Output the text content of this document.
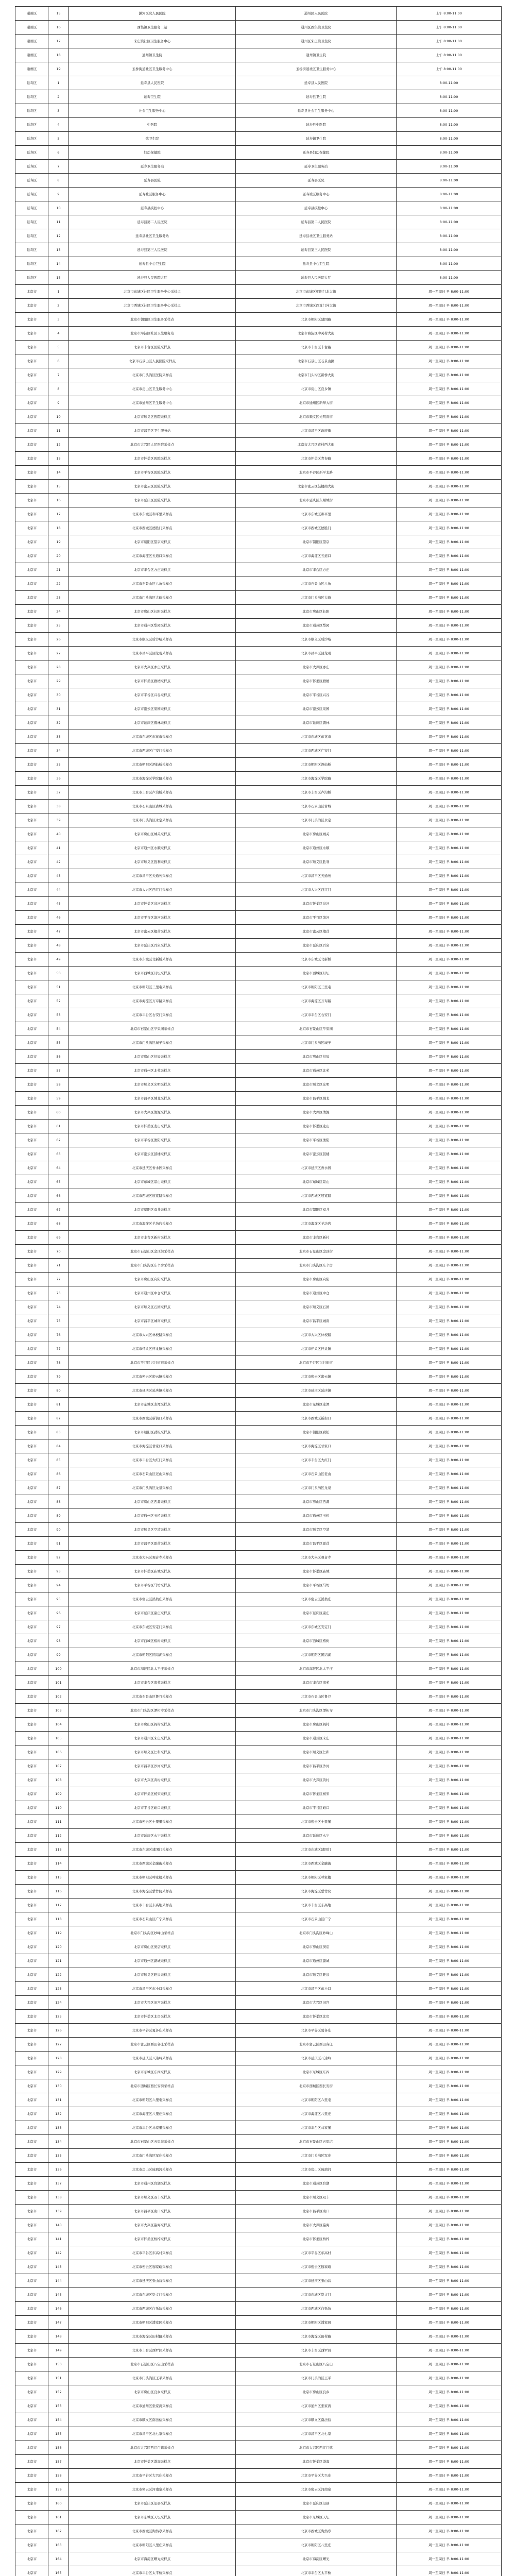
通州区	15	潞河医院人民医院	通州区人民医院	上午 8:00-11:00
通州区	16	西集镇卫生服务二站	通州区西集镇卫生院	上午 8:00-11:00
通州区	17	宋庄镇社区卫生服务中心	通州区宋庄镇卫生院	上午 8:00-11:00
通州区	18	通州镇卫生院	通州镇卫生院	上午 8:00-11:00
通州区	19	玉桥街道社区卫生服务中心	玉桥街道社区卫生服务中心	上午 8:00-11:00
延寿区	1	延寿县人民医院	延寿县人民医院	8:00-11:00
延寿区	2	延寿卫生院	延寿县卫生院	8:00-11:00
延寿区	3	社会卫生服务中心	延寿县社会卫生服务中心	8:00-11:00
延寿区	4	中医院	延寿县中医院	8:00-11:00
延寿区	5	镇卫生院	延寿镇卫生院	8:00-11:00
延寿区	6	妇幼保健院	延寿县妇幼保健院	8:00-11:00
延寿区	7	延寿卫生服务站	延寿卫生服务站	8:00-11:00
延寿区	8	延寿县医院	延寿县医院	8:00-11:00
延寿区	9	延寿社区服务中心	延寿社区服务中心	8:00-11:00
延寿区	10	延寿县疾控中心	延寿县疾控中心	8:00-11:00
延寿区	11	延寿县第二人民医院	延寿县第二人民医院	8:00-11:00
延寿区	12	延寿县社区卫生服务站	延寿县社区卫生服务站	8:00-11:00
延寿区	13	延寿县第三人民医院	延寿县第三人民医院	8:00-11:00
延寿区	14	延寿县中心卫生院	延寿县中心卫生院	8:00-11:00
延寿区	15	延寿县人民医院大厅	延寿县人民医院大厅	8:00-11:00
北京市	1	北京市东城区社区卫生服务中心采样点	北京市东城区朝阳门北大街	周一至周日 早 8:00-11:00
北京市	2	北京市西城区社区卫生服务中心采样点	北京市西城区西直门外大街	周一至周日 早 8:00-11:00
北京市	3	北京市朝阳区卫生服务采样点	北京市朝阳区建国路	周一至周日 早 8:00-11:00
北京市	4	北京市海淀区社区卫生服务站	北京市海淀区中关村大街	周一至周日 早 8:00-11:00
北京市	5	北京市丰台区医院采样点	北京市丰台区丰台路	周一至周日 早 8:00-11:00
北京市	6	北京市石景山区人民医院采样点	北京市石景山区石景山路	周一至周日 早 8:00-11:00
北京市	7	北京市门头沟区医院采样点	北京市门头沟区新桥大街	周一至周日 早 8:00-11:00
北京市	8	北京市房山区卫生服务中心	北京市房山区良乡镇	周一至周日 早 8:00-11:00
北京市	9	北京市通州区卫生服务中心	北京市通州区新华大街	周一至周日 早 8:00-11:00
北京市	10	北京市顺义区医院采样点	北京市顺义区光明南街	周一至周日 早 8:00-11:00
北京市	11	北京市昌平区卫生服务站	北京市昌平区政府街	周一至周日 早 8:00-11:00
北京市	12	北京市大兴区人民医院采样点	北京市大兴区黄村西大街	周一至周日 早 8:00-11:00
北京市	13	北京市怀柔区医院采样点	北京市怀柔区青春路	周一至周日 早 8:00-11:00
北京市	14	北京市平谷区医院采样点	北京市平谷区新平北路	周一至周日 早 8:00-11:00
北京市	15	北京市密云区医院采样点	北京市密云区鼓楼南大街	周一至周日 早 8:00-11:00
北京市	16	北京市延庆区医院采样点	北京市延庆区东顺城街	周一至周日 早 8:00-11:00
北京市	17	北京市东城区和平里采样点	北京市东城区和平里	周一至周日 早 8:00-11:00
北京市	18	北京市西城区德胜门采样点	北京市西城区德胜门	周一至周日 早 8:00-11:00
北京市	19	北京市朝阳区望京采样点	北京市朝阳区望京	周一至周日 早 8:00-11:00
北京市	20	北京市海淀区五道口采样点	北京市海淀区五道口	周一至周日 早 8:00-11:00
北京市	21	北京市丰台区方庄采样点	北京市丰台区方庄	周一至周日 早 8:00-11:00
北京市	22	北京市石景山区八角采样点	北京市石景山区八角	周一至周日 早 8:00-11:00
北京市	23	北京市门头沟区大峪采样点	北京市门头沟区大峪	周一至周日 早 8:00-11:00
北京市	24	北京市房山区长阳采样点	北京市房山区长阳	周一至周日 早 8:00-11:00
北京市	25	北京市通州区梨园采样点	北京市通州区梨园	周一至周日 早 8:00-11:00
北京市	26	北京市顺义区后沙峪采样点	北京市顺义区后沙峪	周一至周日 早 8:00-11:00
北京市	27	北京市昌平区回龙观采样点	北京市昌平区回龙观	周一至周日 早 8:00-11:00
北京市	28	北京市大兴区亦庄采样点	北京市大兴区亦庄	周一至周日 早 8:00-11:00
北京市	29	北京市怀柔区雁栖采样点	北京市怀柔区雁栖	周一至周日 早 8:00-11:00
北京市	30	北京市平谷区兴谷采样点	北京市平谷区兴谷	周一至周日 早 8:00-11:00
北京市	31	北京市密云区果园采样点	北京市密云区果园	周一至周日 早 8:00-11:00
北京市	32	北京市延庆区儒林采样点	北京市延庆区儒林	周一至周日 早 8:00-11:00
北京市	33	北京市东城区东花市采样点	北京市东城区东花市	周一至周日 早 8:00-11:00
北京市	34	北京市西城区广安门采样点	北京市西城区广安门	周一至周日 早 8:00-11:00
北京市	35	北京市朝阳区酒仙桥采样点	北京市朝阳区酒仙桥	周一至周日 早 8:00-11:00
北京市	36	北京市海淀区学院路采样点	北京市海淀区学院路	周一至周日 早 8:00-11:00
北京市	37	北京市丰台区卢沟桥采样点	北京市丰台区卢沟桥	周一至周日 早 8:00-11:00
北京市	38	北京市石景山区古城采样点	北京市石景山区古城	周一至周日 早 8:00-11:00
北京市	39	北京市门头沟区永定采样点	北京市门头沟区永定	周一至周日 早 8:00-11:00
北京市	40	北京市房山区城关采样点	北京市房山区城关	周一至周日 早 8:00-11:00
北京市	41	北京市通州区永顺采样点	北京市通州区永顺	周一至周日 早 8:00-11:00
北京市	42	北京市顺义区胜利采样点	北京市顺义区胜利	周一至周日 早 8:00-11:00
北京市	43	北京市昌平区天通苑采样点	北京市昌平区天通苑	周一至周日 早 8:00-11:00
北京市	44	北京市大兴区西红门采样点	北京市大兴区西红门	周一至周日 早 8:00-11:00
北京市	45	北京市怀柔区泉河采样点	北京市怀柔区泉河	周一至周日 早 8:00-11:00
北京市	46	北京市平谷区滨河采样点	北京市平谷区滨河	周一至周日 早 8:00-11:00
北京市	47	北京市密云区檀营采样点	北京市密云区檀营	周一至周日 早 8:00-11:00
北京市	48	北京市延庆区百泉采样点	北京市延庆区百泉	周一至周日 早 8:00-11:00
北京市	49	北京市东城区北新桥采样点	北京市东城区北新桥	周一至周日 早 8:00-11:00
北京市	50	北京市西城区月坛采样点	北京市西城区月坛	周一至周日 早 8:00-11:00
北京市	51	北京市朝阳区三里屯采样点	北京市朝阳区三里屯	周一至周日 早 8:00-11:00
北京市	52	北京市海淀区万寿路采样点	北京市海淀区万寿路	周一至周日 早 8:00-11:00
北京市	53	北京市丰台区右安门采样点	北京市丰台区右安门	周一至周日 早 8:00-11:00
北京市	54	北京市石景山区苹果园采样点	北京市石景山区苹果园	周一至周日 早 8:00-11:00
北京市	55	北京市门头沟区城子采样点	北京市门头沟区城子	周一至周日 早 8:00-11:00
北京市	56	北京市房山区拱辰采样点	北京市房山区拱辰	周一至周日 早 8:00-11:00
北京市	57	北京市通州区北苑采样点	北京市通州区北苑	周一至周日 早 8:00-11:00
北京市	58	北京市顺义区光明采样点	北京市顺义区光明	周一至周日 早 8:00-11:00
北京市	59	北京市昌平区城北采样点	北京市昌平区城北	周一至周日 早 8:00-11:00
北京市	60	北京市大兴区清源采样点	北京市大兴区清源	周一至周日 早 8:00-11:00
北京市	61	北京市怀柔区龙山采样点	北京市怀柔区龙山	周一至周日 早 8:00-11:00
北京市	62	北京市平谷区渔阳采样点	北京市平谷区渔阳	周一至周日 早 8:00-11:00
北京市	63	北京市密云区鼓楼采样点	北京市密云区鼓楼	周一至周日 早 8:00-11:00
北京市	64	北京市延庆区香水园采样点	北京市延庆区香水园	周一至周日 早 8:00-11:00
北京市	65	北京市东城区景山采样点	北京市东城区景山	周一至周日 早 8:00-11:00
北京市	66	北京市西城区展览路采样点	北京市西城区展览路	周一至周日 早 8:00-11:00
北京市	67	北京市朝阳区双井采样点	北京市朝阳区双井	周一至周日 早 8:00-11:00
北京市	68	北京市海淀区羊坊店采样点	北京市海淀区羊坊店	周一至周日 早 8:00-11:00
北京市	69	北京市丰台区新村采样点	北京市丰台区新村	周一至周日 早 8:00-11:00
北京市	70	北京市石景山区金顶街采样点	北京市石景山区金顶街	周一至周日 早 8:00-11:00
北京市	71	北京市门头沟区东辛房采样点	北京市门头沟区东辛房	周一至周日 早 8:00-11:00
北京市	72	北京市房山区向阳采样点	北京市房山区向阳	周一至周日 早 8:00-11:00
北京市	73	北京市通州区中仓采样点	北京市通州区中仓	周一至周日 早 8:00-11:00
北京市	74	北京市顺义区石园采样点	北京市顺义区石园	周一至周日 早 8:00-11:00
北京市	75	北京市昌平区城南采样点	北京市昌平区城南	周一至周日 早 8:00-11:00
北京市	76	北京市大兴区林校路采样点	北京市大兴区林校路	周一至周日 早 8:00-11:00
北京市	77	北京市怀柔区怀柔镇采样点	北京市怀柔区怀柔镇	周一至周日 早 8:00-11:00
北京市	78	北京市平谷区兴谷街道采样点	北京市平谷区兴谷街道	周一至周日 早 8:00-11:00
北京市	79	北京市密云区密云镇采样点	北京市密云区密云镇	周一至周日 早 8:00-11:00
北京市	80	北京市延庆区延庆镇采样点	北京市延庆区延庆镇	周一至周日 早 8:00-11:00
北京市	81	北京市东城区龙潭采样点	北京市东城区龙潭	周一至周日 早 8:00-11:00
北京市	82	北京市西城区新街口采样点	北京市西城区新街口	周一至周日 早 8:00-11:00
北京市	83	北京市朝阳区劲松采样点	北京市朝阳区劲松	周一至周日 早 8:00-11:00
北京市	84	北京市海淀区甘家口采样点	北京市海淀区甘家口	周一至周日 早 8:00-11:00
北京市	85	北京市丰台区大红门采样点	北京市丰台区大红门	周一至周日 早 8:00-11:00
北京市	86	北京市石景山区老山采样点	北京市石景山区老山	周一至周日 早 8:00-11:00
北京市	87	北京市门头沟区龙泉采样点	北京市门头沟区龙泉	周一至周日 早 8:00-11:00
北京市	88	北京市房山区西潞采样点	北京市房山区西潞	周一至周日 早 8:00-11:00
北京市	89	北京市通州区玉桥采样点	北京市通州区玉桥	周一至周日 早 8:00-11:00
北京市	90	北京市顺义区空港采样点	北京市顺义区空港	周一至周日 早 8:00-11:00
北京市	91	北京市昌平区霍营采样点	北京市昌平区霍营	周一至周日 早 8:00-11:00
北京市	92	北京市大兴区观音寺采样点	北京市大兴区观音寺	周一至周日 早 8:00-11:00
北京市	93	北京市怀柔区庙城采样点	北京市怀柔区庙城	周一至周日 早 8:00-11:00
北京市	94	北京市平谷区马坊采样点	北京市平谷区马坊	周一至周日 早 8:00-11:00
北京市	95	北京市密云区溪翁庄采样点	北京市密云区溪翁庄	周一至周日 早 8:00-11:00
北京市	96	北京市延庆区康庄采样点	北京市延庆区康庄	周一至周日 早 8:00-11:00
北京市	97	北京市东城区安定门采样点	北京市东城区安定门	周一至周日 早 8:00-11:00
北京市	98	北京市西城区椿树采样点	北京市西城区椿树	周一至周日 早 8:00-11:00
北京市	99	北京市朝阳区团结湖采样点	北京市朝阳区团结湖	周一至周日 早 8:00-11:00
北京市	100	北京市海淀区北太平庄采样点	北京市海淀区北太平庄	周一至周日 早 8:00-11:00
北京市	101	北京市丰台区南苑采样点	北京市丰台区南苑	周一至周日 早 8:00-11:00
北京市	102	北京市石景山区鲁谷采样点	北京市石景山区鲁谷	周一至周日 早 8:00-11:00
北京市	103	北京市门头沟区潭柘寺采样点	北京市门头沟区潭柘寺	周一至周日 早 8:00-11:00
北京市	104	北京市房山区阎村采样点	北京市房山区阎村	周一至周日 早 8:00-11:00
北京市	105	北京市通州区宋庄采样点	北京市通州区宋庄	周一至周日 早 8:00-11:00
北京市	106	北京市顺义区仁和采样点	北京市顺义区仁和	周一至周日 早 8:00-11:00
北京市	107	北京市昌平区沙河采样点	北京市昌平区沙河	周一至周日 早 8:00-11:00
北京市	108	北京市大兴区黄村采样点	北京市大兴区黄村	周一至周日 早 8:00-11:00
北京市	109	北京市怀柔区杨宋采样点	北京市怀柔区杨宋	周一至周日 早 8:00-11:00
北京市	110	北京市平谷区峪口采样点	北京市平谷区峪口	周一至周日 早 8:00-11:00
北京市	111	北京市密云区十里堡采样点	北京市密云区十里堡	周一至周日 早 8:00-11:00
北京市	112	北京市延庆区永宁采样点	北京市延庆区永宁	周一至周日 早 8:00-11:00
北京市	113	北京市东城区建国门采样点	北京市东城区建国门	周一至周日 早 8:00-11:00
北京市	114	北京市西城区金融街采样点	北京市西城区金融街	周一至周日 早 8:00-11:00
北京市	115	北京市朝阳区呼家楼采样点	北京市朝阳区呼家楼	周一至周日 早 8:00-11:00
北京市	116	北京市海淀区紫竹院采样点	北京市海淀区紫竹院	周一至周日 早 8:00-11:00
北京市	117	北京市丰台区东高地采样点	北京市丰台区东高地	周一至周日 早 8:00-11:00
北京市	118	北京市石景山区广宁采样点	北京市石景山区广宁	周一至周日 早 8:00-11:00
北京市	119	北京市门头沟区妙峰山采样点	北京市门头沟区妙峰山	周一至周日 早 8:00-11:00
北京市	120	北京市房山区窦店采样点	北京市房山区窦店	周一至周日 早 8:00-11:00
北京市	121	北京市通州区潞城采样点	北京市通州区潞城	周一至周日 早 8:00-11:00
北京市	122	北京市顺义区旺泉采样点	北京市顺义区旺泉	周一至周日 早 8:00-11:00
北京市	123	北京市昌平区东小口采样点	北京市昌平区东小口	周一至周日 早 8:00-11:00
北京市	124	北京市大兴区旧宫采样点	北京市大兴区旧宫	周一至周日 早 8:00-11:00
北京市	125	北京市怀柔区北房采样点	北京市怀柔区北房	周一至周日 早 8:00-11:00
北京市	126	北京市平谷区夏各庄采样点	北京市平谷区夏各庄	周一至周日 早 8:00-11:00
北京市	127	北京市密云区西田各庄采样点	北京市密云区西田各庄	周一至周日 早 8:00-11:00
北京市	128	北京市延庆区八达岭采样点	北京市延庆区八达岭	周一至周日 早 8:00-11:00
北京市	129	北京市东城区东四采样点	北京市东城区东四	周一至周日 早 8:00-11:00
北京市	130	北京市西城区西长安街采样点	北京市西城区西长安街	周一至周日 早 8:00-11:00
北京市	131	北京市朝阳区六里屯采样点	北京市朝阳区六里屯	周一至周日 早 8:00-11:00
北京市	132	北京市海淀区八里庄采样点	北京市海淀区八里庄	周一至周日 早 8:00-11:00
北京市	133	北京市丰台区马家堡采样点	北京市丰台区马家堡	周一至周日 早 8:00-11:00
北京市	134	北京市石景山区五里坨采样点	北京市石景山区五里坨	周一至周日 早 8:00-11:00
北京市	135	北京市门头沟区军庄采样点	北京市门头沟区军庄	周一至周日 早 8:00-11:00
北京市	136	北京市房山区琉璃河采样点	北京市房山区琉璃河	周一至周日 早 8:00-11:00
北京市	137	北京市通州区台湖采样点	北京市通州区台湖	周一至周日 早 8:00-11:00
北京市	138	北京市顺义区双丰采样点	北京市顺义区双丰	周一至周日 早 8:00-11:00
北京市	139	北京市昌平区南口采样点	北京市昌平区南口	周一至周日 早 8:00-11:00
北京市	140	北京市大兴区瀛海采样点	北京市大兴区瀛海	周一至周日 早 8:00-11:00
北京市	141	北京市怀柔区桥梓采样点	北京市怀柔区桥梓	周一至周日 早 8:00-11:00
北京市	142	北京市平谷区东高村采样点	北京市平谷区东高村	周一至周日 早 8:00-11:00
北京市	143	北京市密云区穆家峪采样点	北京市密云区穆家峪	周一至周日 早 8:00-11:00
北京市	144	北京市延庆区张山营采样点	北京市延庆区张山营	周一至周日 早 8:00-11:00
北京市	145	北京市东城区崇文门采样点	北京市东城区崇文门	周一至周日 早 8:00-11:00
北京市	146	北京市西城区白纸坊采样点	北京市西城区白纸坊	周一至周日 早 8:00-11:00
北京市	147	北京市朝阳区潘家园采样点	北京市朝阳区潘家园	周一至周日 早 8:00-11:00
北京市	148	北京市海淀区田村路采样点	北京市海淀区田村路	周一至周日 早 8:00-11:00
北京市	149	北京市丰台区西罗园采样点	北京市丰台区西罗园	周一至周日 早 8:00-11:00
北京市	150	北京市石景山区八宝山采样点	北京市石景山区八宝山	周一至周日 早 8:00-11:00
北京市	151	北京市门头沟区王平采样点	北京市门头沟区王平	周一至周日 早 8:00-11:00
北京市	152	北京市房山区良乡采样点	北京市房山区良乡	周一至周日 早 8:00-11:00
北京市	153	北京市通州区张家湾采样点	北京市通州区张家湾	周一至周日 早 8:00-11:00
北京市	154	北京市顺义区南法信采样点	北京市顺义区南法信	周一至周日 早 8:00-11:00
北京市	155	北京市昌平区北七家采样点	北京市昌平区北七家	周一至周日 早 8:00-11:00
北京市	156	北京市大兴区西红门镇采样点	北京市大兴区西红门镇	周一至周日 早 8:00-11:00
北京市	157	北京市怀柔区渤海采样点	北京市怀柔区渤海	周一至周日 早 8:00-11:00
北京市	158	北京市平谷区大兴庄采样点	北京市平谷区大兴庄	周一至周日 早 8:00-11:00
北京市	159	北京市密云区河南寨采样点	北京市密云区河南寨	周一至周日 早 8:00-11:00
北京市	160	北京市延庆区旧县采样点	北京市延庆区旧县	周一至周日 早 8:00-11:00
北京市	161	北京市东城区天坛采样点	北京市东城区天坛	周一至周日 早 8:00-11:00
北京市	162	北京市西城区陶然亭采样点	北京市西城区陶然亭	周一至周日 早 8:00-11:00
北京市	163	北京市朝阳区八里庄采样点	北京市朝阳区八里庄	周一至周日 早 8:00-11:00
北京市	164	北京市海淀区曙光采样点	北京市海淀区曙光	周一至周日 早 8:00-11:00
北京市	165	北京市丰台区太平桥采样点	北京市丰台区太平桥	周一至周日 早 8:00-11:00
